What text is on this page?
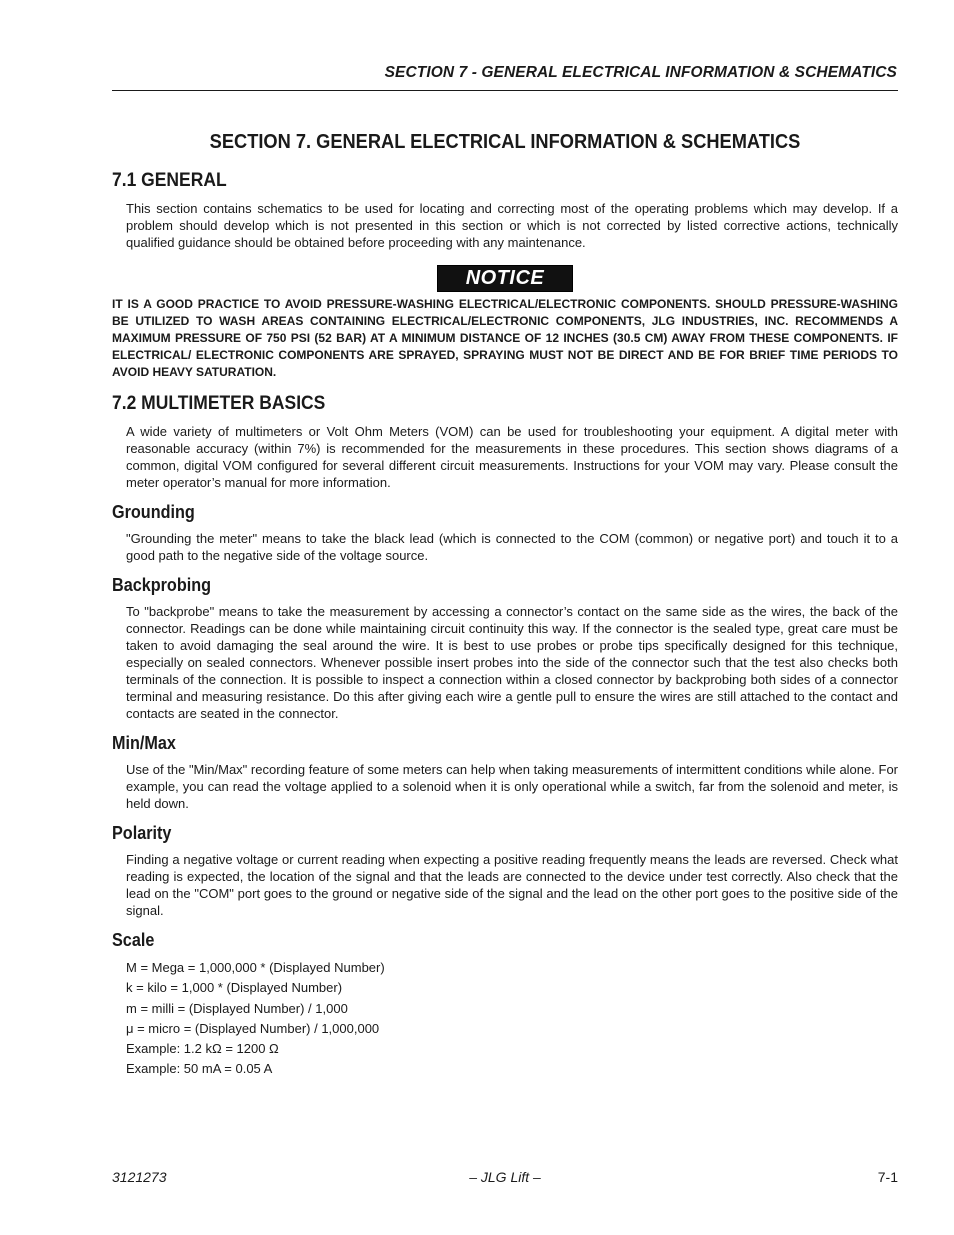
SECTION 7 - GENERAL ELECTRICAL INFORMATION & SCHEMATICS
SECTION 7. GENERAL ELECTRICAL INFORMATION & SCHEMATICS
7.1 GENERAL

This section contains schematics to be used for locating and correcting most of the operating problems which may develop. If a problem should develop which is not presented in this section or which is not corrected by listed corrective actions, technically qualified guidance should be obtained before proceeding with any maintenance.

NOTICE

IT IS A GOOD PRACTICE TO AVOID PRESSURE-WASHING ELECTRICAL/ELECTRONIC COMPONENTS. SHOULD PRESSURE-WASHING BE UTILIZED TO WASH AREAS CONTAINING ELECTRICAL/ELECTRONIC COMPONENTS, JLG INDUSTRIES, INC. RECOMMENDS A MAXIMUM PRESSURE OF 750 PSI (52 BAR) AT A MINIMUM DISTANCE OF 12 INCHES (30.5 CM) AWAY FROM THESE COMPONENTS. IF ELECTRICAL/ ELECTRONIC COMPONENTS ARE SPRAYED, SPRAYING MUST NOT BE DIRECT AND BE FOR BRIEF TIME PERIODS TO AVOID HEAVY SATURATION.

7.2 MULTIMETER BASICS

A wide variety of multimeters or Volt Ohm Meters (VOM) can be used for troubleshooting your equipment. A digital meter with reasonable accuracy (within 7%) is recommended for the measurements in these procedures. This section shows diagrams of a common, digital VOM configured for several different circuit measurements. Instructions for your VOM may vary. Please consult the meter operator’s manual for more information.

Grounding

"Grounding the meter" means to take the black lead (which is connected to the COM (common) or negative port) and touch it to a good path to the negative side of the voltage source.

Backprobing

To "backprobe" means to take the measurement by accessing a connector’s contact on the same side as the wires, the back of the connector. Readings can be done while maintaining circuit continuity this way. If the connector is the sealed type, great care must be taken to avoid damaging the seal around the wire. It is best to use probes or probe tips specifically designed for this technique, especially on sealed connectors. Whenever possible insert probes into the side of the connector such that the test also checks both terminals of the connection. It is possible to inspect a connection within a closed connector by backprobing both sides of a connector terminal and measuring resistance. Do this after giving each wire a gentle pull to ensure the wires are still attached to the contact and contacts are seated in the connector.

Min/Max

Use of the "Min/Max" recording feature of some meters can help when taking measurements of intermittent conditions while alone. For example, you can read the voltage applied to a solenoid when it is only operational while a switch, far from the solenoid and meter, is held down.

Polarity

Finding a negative voltage or current reading when expecting a positive reading frequently means the leads are reversed. Check what reading is expected, the location of the signal and that the leads are connected to the device under test correctly. Also check that the lead on the "COM" port goes to the ground or negative side of the signal and the lead on the other port goes to the positive side of the signal.

Scale
M = Mega = 1,000,000 * (Displayed Number)
k = kilo = 1,000 * (Displayed Number)
m = milli = (Displayed Number) / 1,000
μ = micro = (Displayed Number) / 1,000,000
Example: 1.2 kΩ = 1200 Ω
Example: 50 mA = 0.05 A
– JLG Lift –
3121273	7-1
